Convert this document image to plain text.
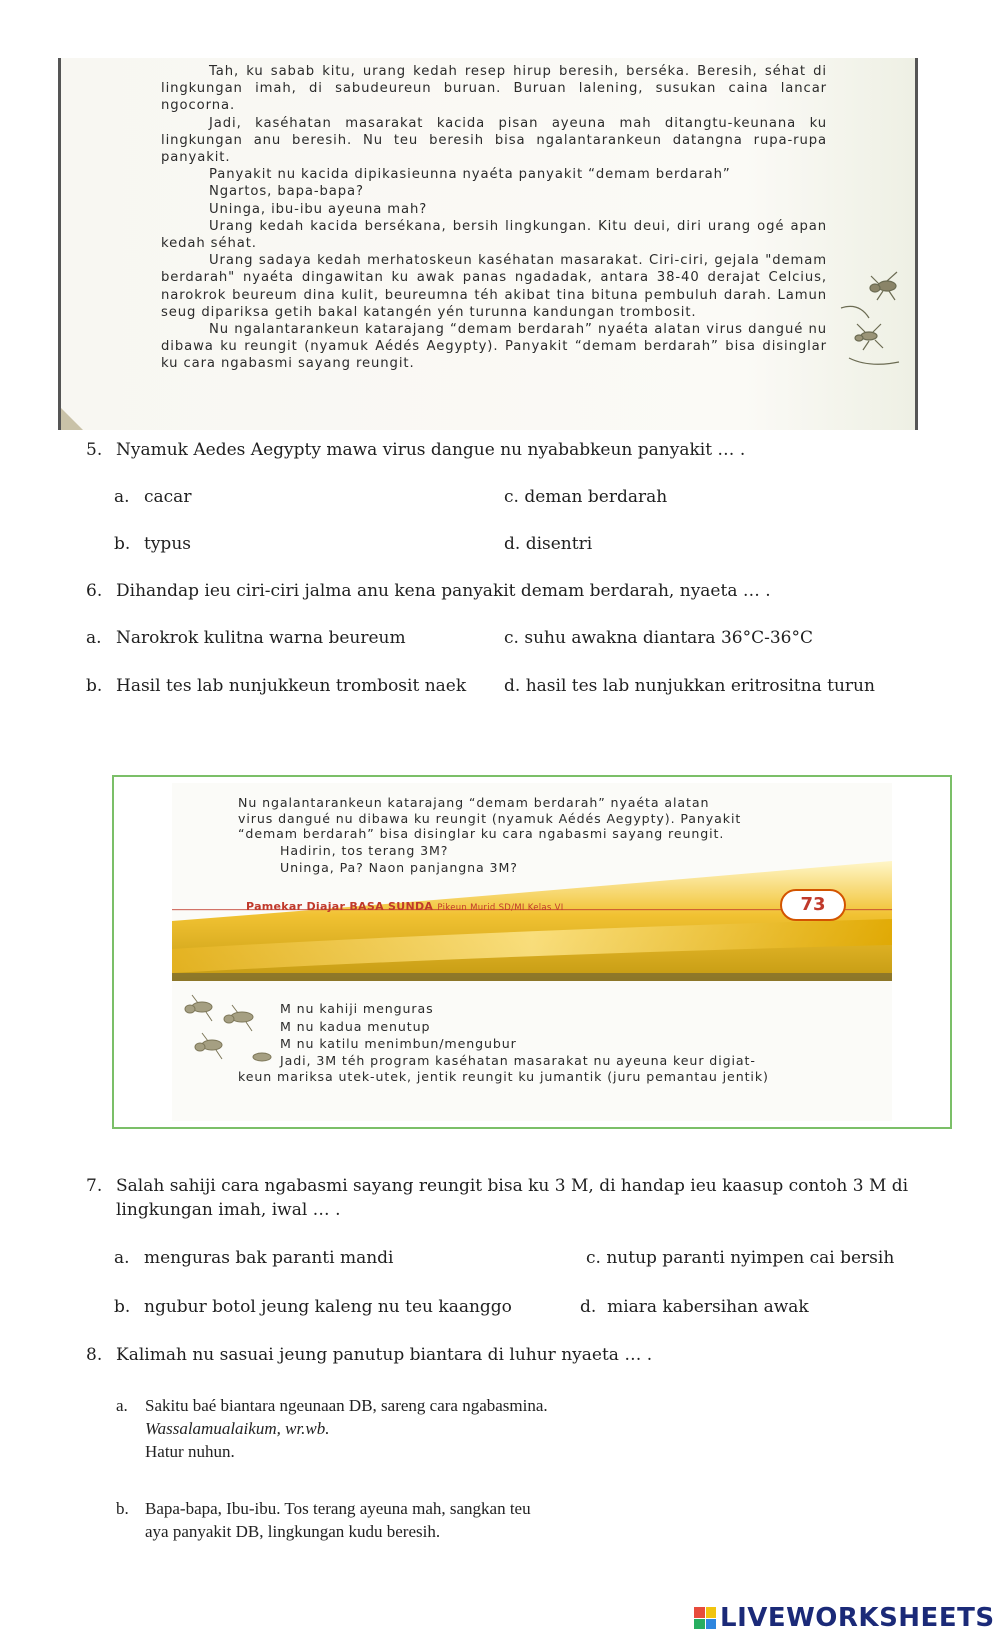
Tah, ku sabab kitu, urang kedah resep hirup beresih, berséka. Beresih, séhat di lingkungan imah, di sabudeureun buruan. Buruan lalening, susukan caina lancar ngocorna.

Jadi, kaséhatan masarakat kacida pisan ayeuna mah ditangtu-keunana ku lingkungan anu beresih. Nu teu beresih bisa ngalantarankeun datangna rupa-rupa panyakit.

Panyakit nu kacida dipikasieunna nyaéta panyakit “demam berdarah”

Ngartos, bapa-bapa?

Uninga, ibu-ibu ayeuna mah?

Urang kedah kacida bersékana, bersih lingkungan. Kitu deui, diri urang ogé apan kedah séhat.

Urang sadaya kedah merhatoskeun kaséhatan masarakat. Ciri-ciri, gejala "demam berdarah" nyaéta dingawitan ku awak panas ngadadak, antara 38-40 derajat Celcius, narokrok beureum dina kulit, beureumna téh akibat tina bituna pembuluh darah. Lamun seug dipariksa getih bakal katangén yén turunna kandungan trombosit.

Nu ngalantarankeun katarajang “demam berdarah” nyaéta alatan virus dangué nu dibawa ku reungit (nyamuk Aédés Aegypty). Panyakit “demam berdarah” bisa disinglar ku cara ngabasmi sayang reungit.

5. Nyamuk Aedes Aegypty mawa virus dangue nu nyababkeun panyakit … .
a. cacar	c. deman berdarah
b. typus	d. disentri
6. Dihandap ieu ciri-ciri jalma anu kena panyakit demam berdarah, nyaeta … .
a. Narokrok kulitna warna beureum	c. suhu awakna diantara 36°C-36°C
b. Hasil tes lab nunjukkeun trombosit naek d. hasil tes lab nunjukkan eritrositna turun
Nu ngalantarankeun katarajang “demam berdarah” nyaéta alatan
virus dangué nu dibawa ku reungit (nyamuk Aédés Aegypty). Panyakit
“demam berdarah” bisa disinglar ku cara ngabasmi sayang reungit.
Hadirin, tos terang 3M?
Uninga, Pa? Naon panjangna 3M?
Pamekar Diajar BASA SUNDA Pikeun Murid SD/MI Kelas VI	73
M nu kahiji menguras
M nu kadua menutup
M nu katilu menimbun/mengubur
Jadi, 3M téh program kaséhatan masarakat nu ayeuna keur digiat-
keun mariksa utek-utek, jentik reungit ku jumantik (juru pemantau jentik)
7. Salah sahiji cara ngabasmi sayang reungit bisa ku 3 M, di handap ieu kaasup contoh 3 M di
lingkungan imah, iwal … .
a. menguras bak paranti mandi	c. nutup paranti nyimpen cai bersih
b. ngubur botol jeung kaleng nu teu kaanggo	d. miara kabersihan awak
8. Kalimah nu sasuai jeung panutup biantara di luhur nyaeta … .
a. Sakitu baé biantara ngeunaan DB, sareng cara ngabasmina.
Wassalamualaikum, wr.wb.
Hatur nuhun.
b. Bapa-bapa, Ibu-ibu. Tos terang ayeuna mah, sangkan teu
aya panyakit DB, lingkungan kudu beresih.
LIVEWORKSHEETS
